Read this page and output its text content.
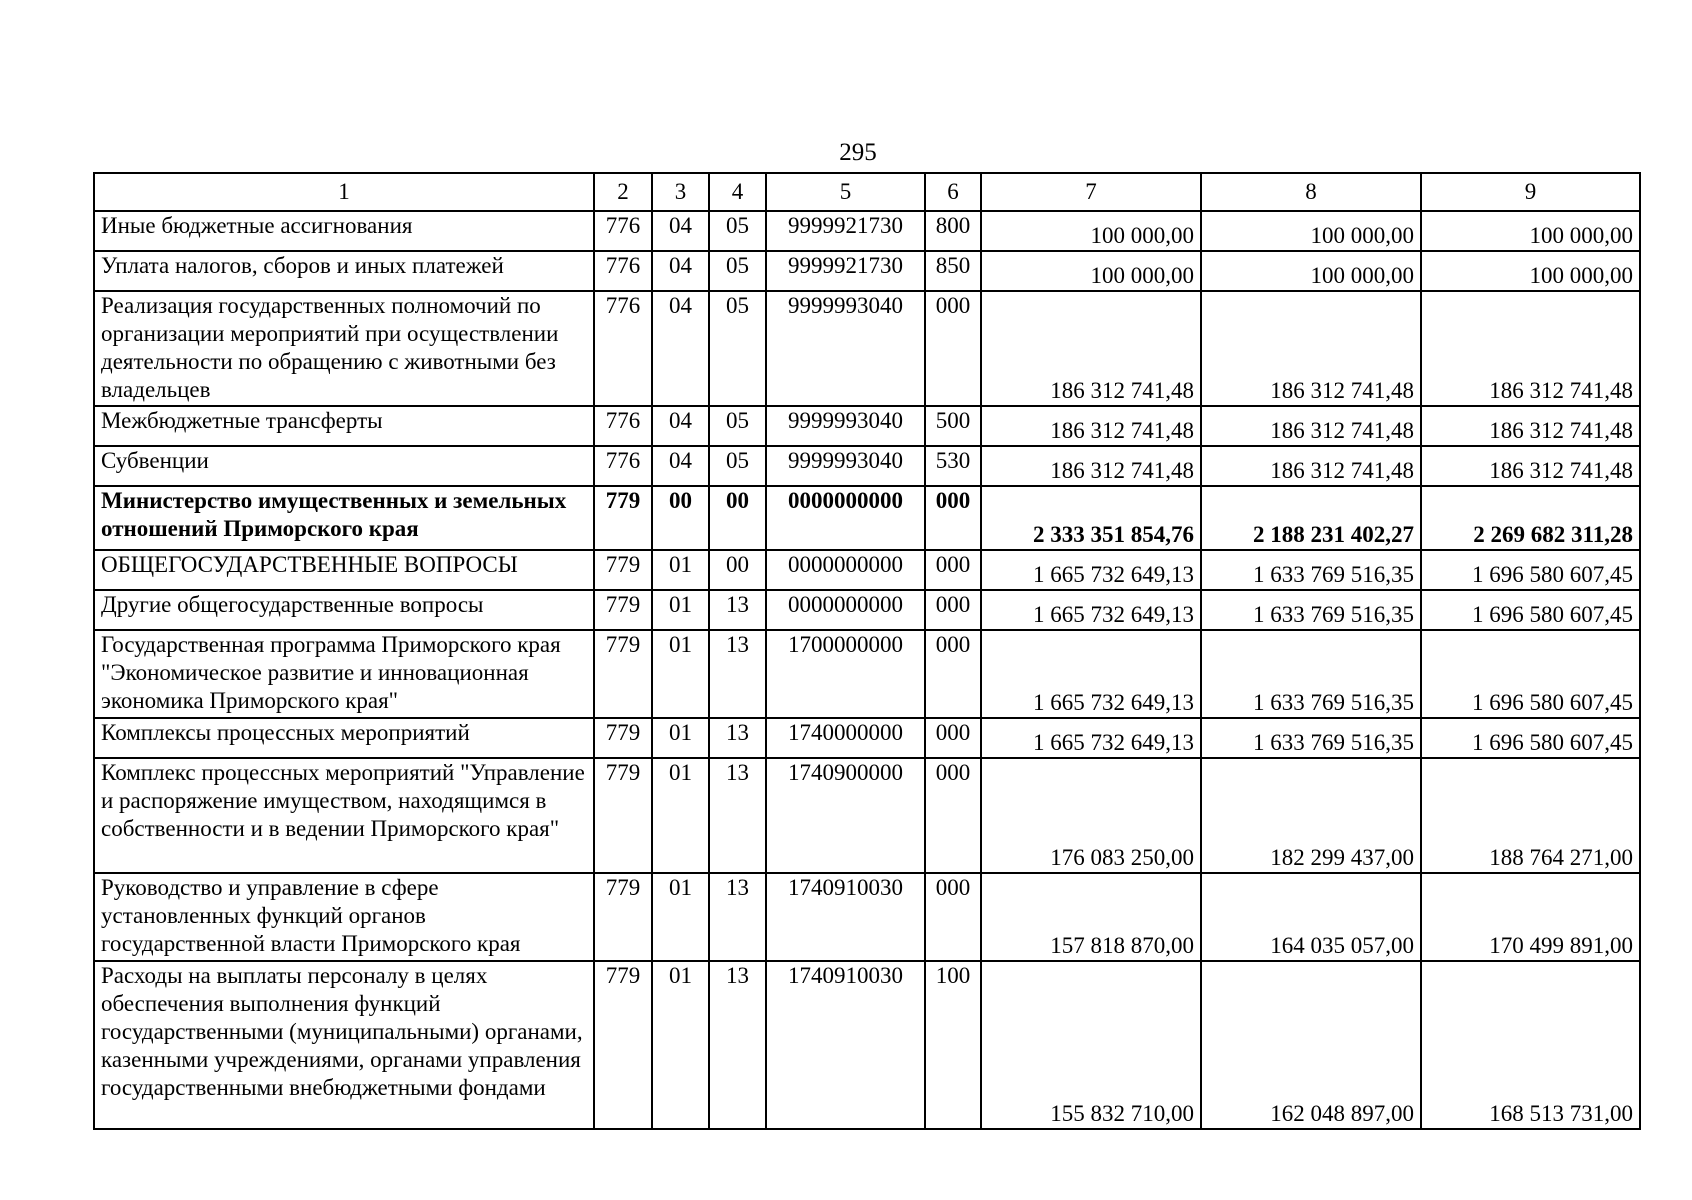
295
1	2	3	4	5	6	7	8	9
Иные бюджетные ассигнования	776	04	05	9999921730	800	100 000,00	100 000,00	100 000,00
Уплата налогов, сборов и иных платежей	776	04	05	9999921730	850	100 000,00	100 000,00	100 000,00
Реализация государственных полномочий по организации мероприятий при осуществлении деятельности по обращению с животными без владельцев	776	04	05	9999993040	000	186 312 741,48	186 312 741,48	186 312 741,48
Межбюджетные трансферты	776	04	05	9999993040	500	186 312 741,48	186 312 741,48	186 312 741,48
Субвенции	776	04	05	9999993040	530	186 312 741,48	186 312 741,48	186 312 741,48
Министерство имущественных и земельных отношений Приморского края	779	00	00	0000000000	000	2 333 351 854,76	2 188 231 402,27	2 269 682 311,28
ОБЩЕГОСУДАРСТВЕННЫЕ ВОПРОСЫ	779	01	00	0000000000	000	1 665 732 649,13	1 633 769 516,35	1 696 580 607,45
Другие общегосударственные вопросы	779	01	13	0000000000	000	1 665 732 649,13	1 633 769 516,35	1 696 580 607,45
Государственная программа Приморского края "Экономическое развитие и инновационная экономика Приморского края"	779	01	13	1700000000	000	1 665 732 649,13	1 633 769 516,35	1 696 580 607,45
Комплексы процессных мероприятий	779	01	13	1740000000	000	1 665 732 649,13	1 633 769 516,35	1 696 580 607,45
Комплекс процессных мероприятий "Управление и распоряжение имуществом, находящимся в собственности и в ведении Приморского края"	779	01	13	1740900000	000	176 083 250,00	182 299 437,00	188 764 271,00
Руководство и управление в сфере установленных функций органов государственной власти Приморского края	779	01	13	1740910030	000	157 818 870,00	164 035 057,00	170 499 891,00
Расходы на выплаты персоналу в целях обеспечения выполнения функций государственными (муниципальными) органами, казенными учреждениями, органами управления государственными внебюджетными фондами	779	01	13	1740910030	100	155 832 710,00	162 048 897,00	168 513 731,00
